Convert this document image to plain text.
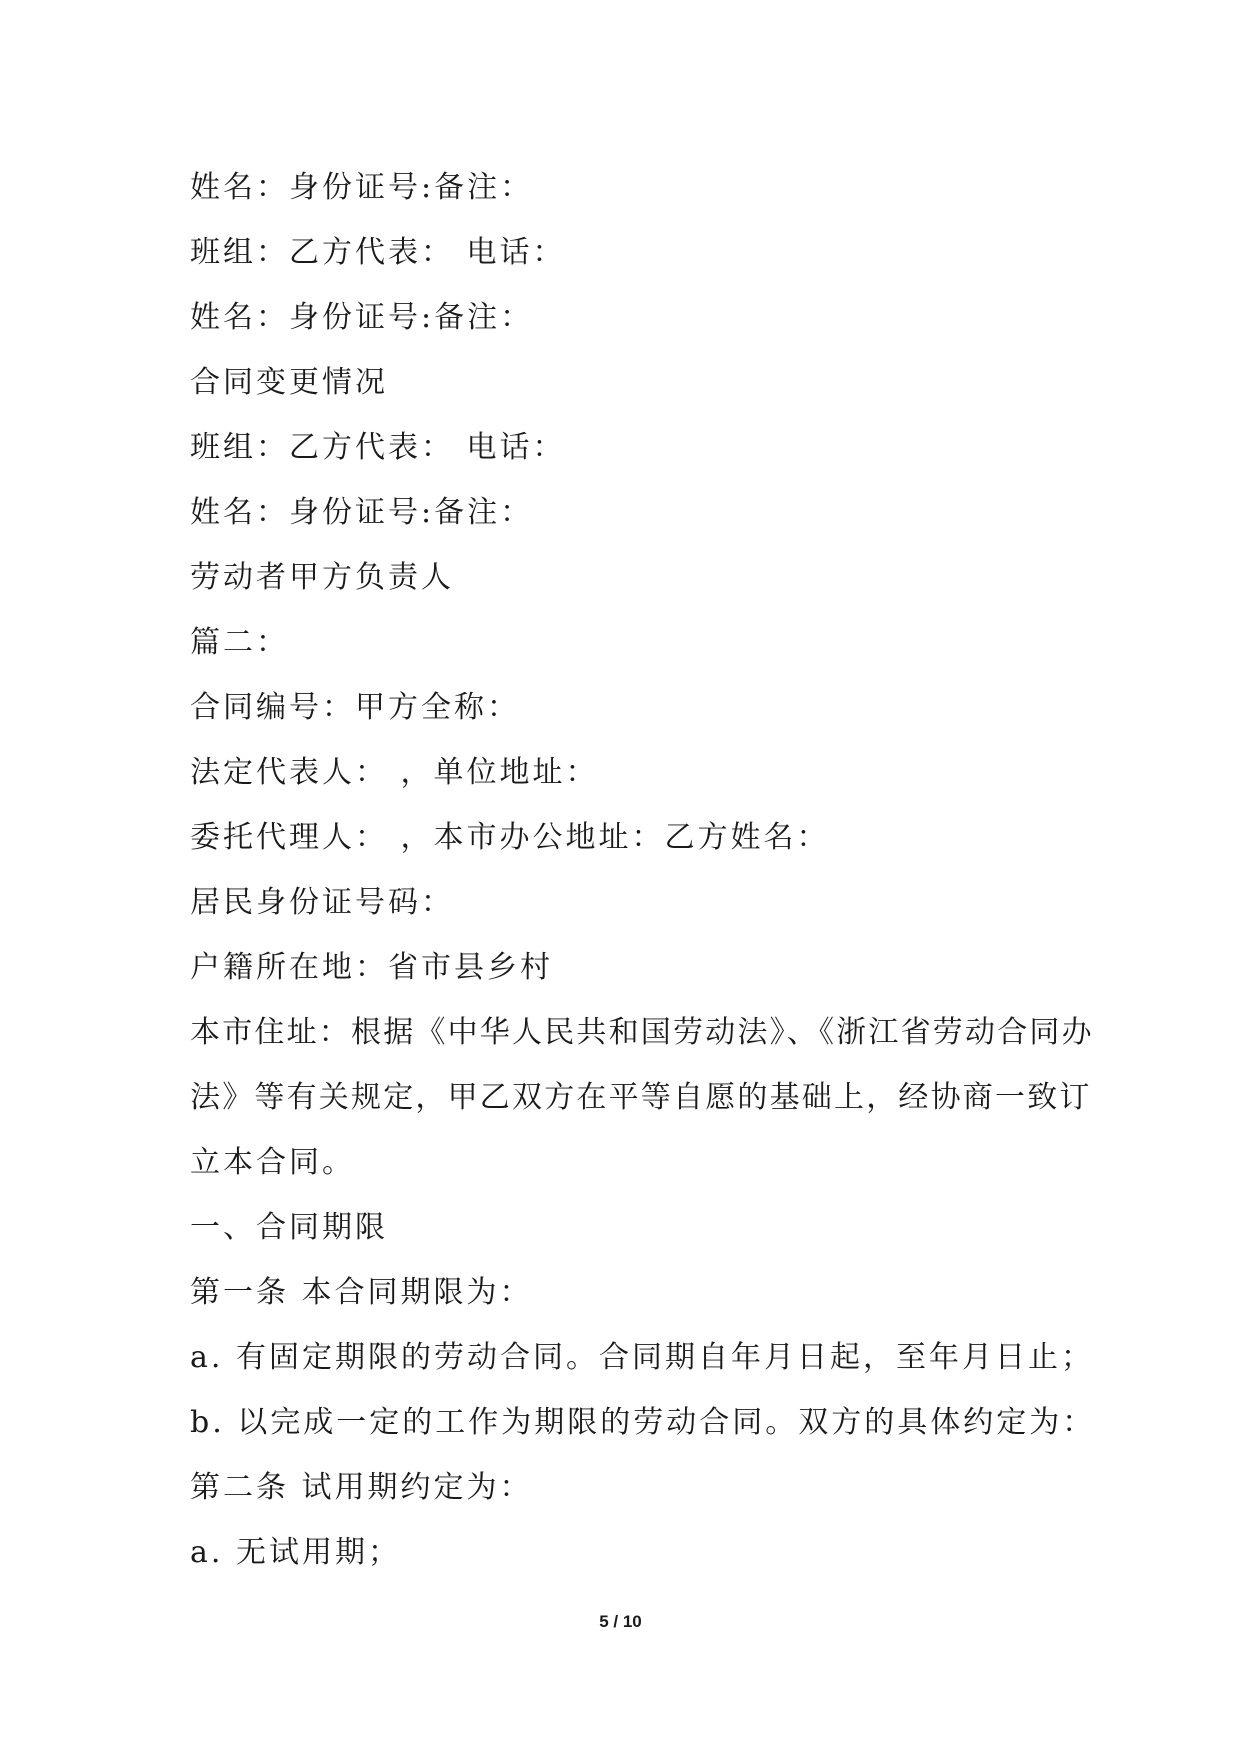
姓名：身份证号:备注：

班组：乙方代表： 电话：

姓名：身份证号:备注：

合同变更情况

班组：乙方代表： 电话：

姓名：身份证号:备注：

劳动者甲方负责人

篇二：

合同编号：甲方全称：

法定代表人： ，单位地址：

委托代理人： ，本市办公地址：乙方姓名：

居民身份证号码：

户籍所在地：省市县乡村

本市住址：根据《中华人民共和国劳动法》、《浙江省劳动合同办

法》等有关规定，甲乙双方在平等自愿的基础上，经协商一致订

立本合同。

一、合同期限

第一条 本合同期限为：

a. 有固定期限的劳动合同。合同期自年月日起，至年月日止；

b. 以完成一定的工作为期限的劳动合同。双方的具体约定为：

第二条 试用期约定为：

a. 无试用期；

5 / 10
